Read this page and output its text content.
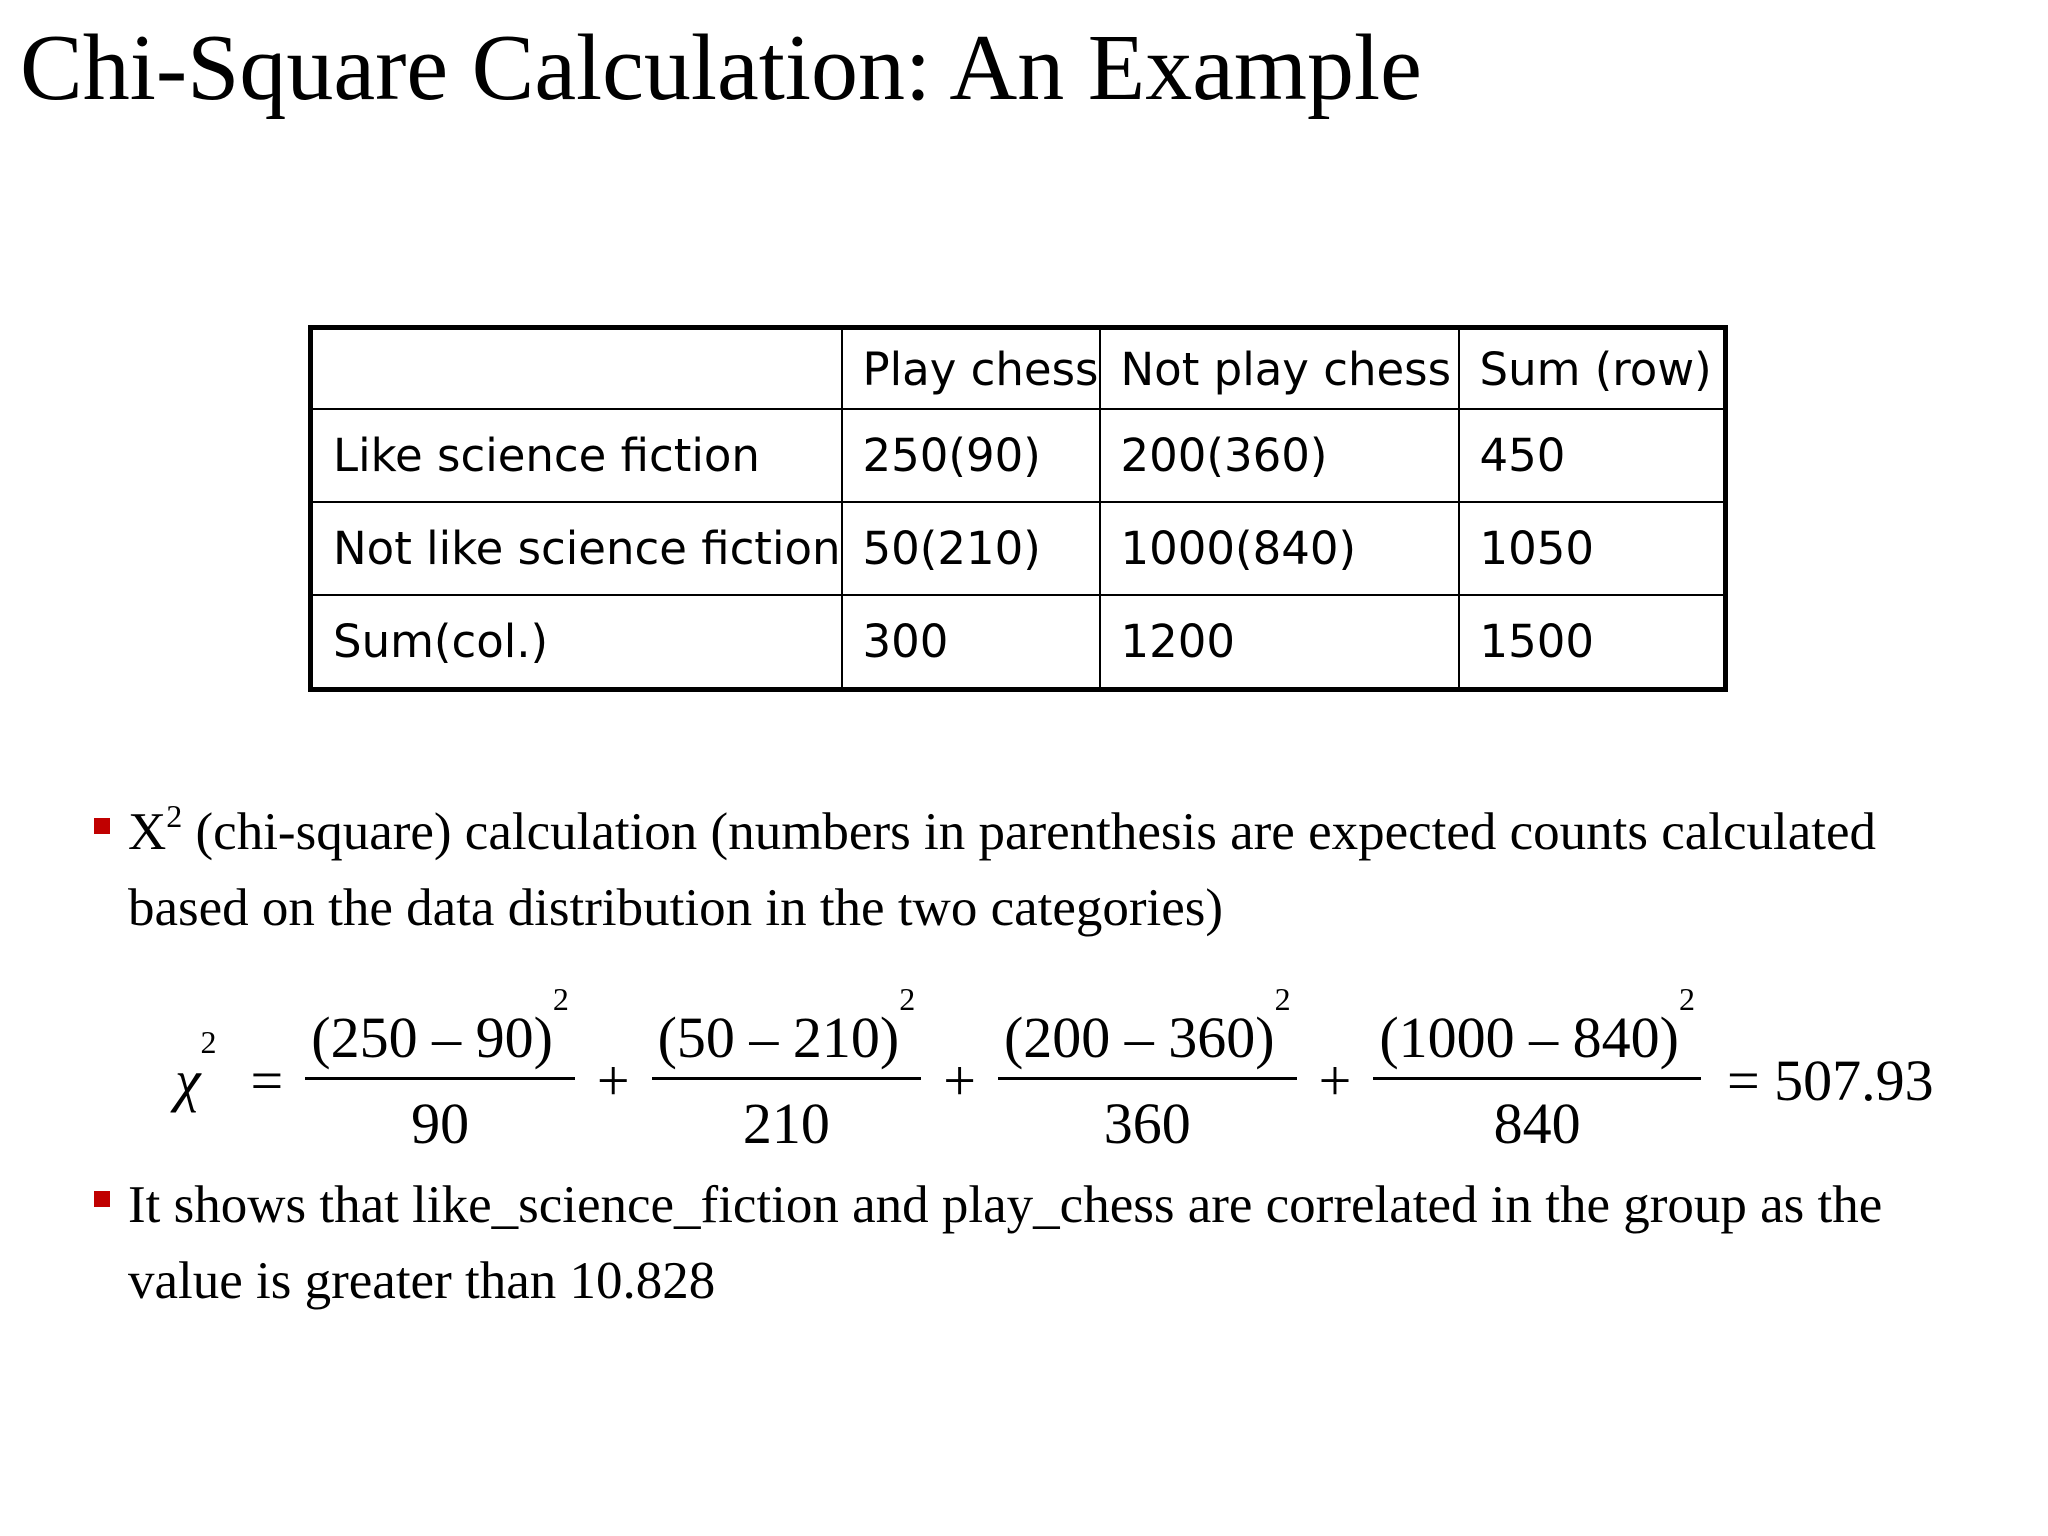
Chi-Square Calculation: An Example
	Play chess	Not play chess	Sum (row)
Like science fiction	250(90)	200(360)	450
Not like science fiction	50(210)	1000(840)	1050
Sum(col.)	300	1200	1500
$X^2$ (chi-square) calculation (numbers in parenthesis are expected counts calculated based on the data distribution in the two categories)
$\chi^2$
= $\frac{(250 - 90)^2}{90} + \frac{(50 - 210)^2}{210} + \frac{(200 - 360)^2}{360} + \frac{(1000 - 840)^2}{840} = 507.93$
It shows that like_science_fiction and play_chess are correlated in the group as the value is greater than 10.828
